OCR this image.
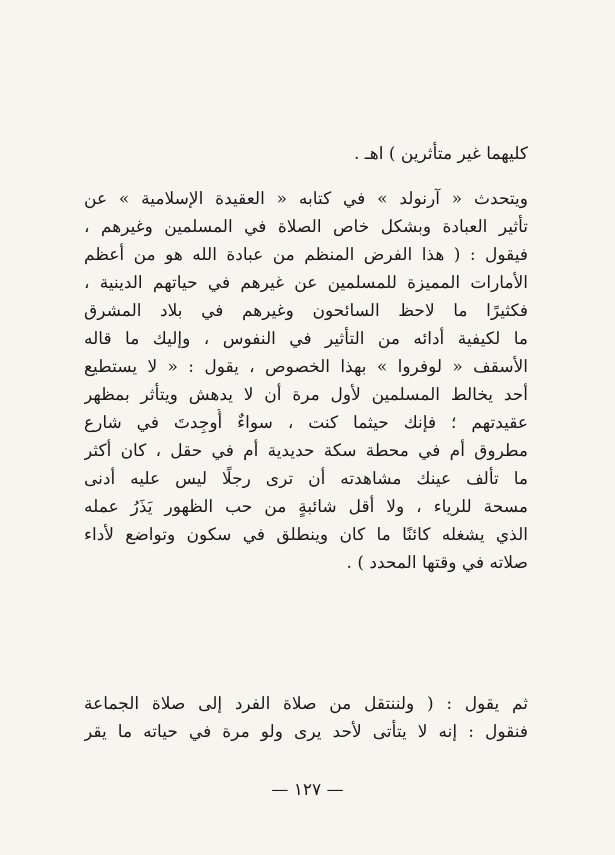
كليهما غير متأثرين ) اهـ .
ويتحدث « آرنولد » في كتابه « العقيدة الإسلامية » عن
تأثير العبادة وبشكل خاص الصلاة في المسلمين وغيرهم ،
فيقول : ( هذا الفرض المنظم من عبادة الله هو من أعظم
الأمارات المميزة للمسلمين عن غيرهم في حياتهم الدينية ،
فكثيرًا ما لاحظ السائحون وغيرهم في بلاد المشرق
ما لكيفية أدائه من التأثير في النفوس ، وإليك ما قاله
الأسقف « لوفروا » بهذا الخصوص ، يقول : « لا يستطيع
أحد يخالط المسلمين لأول مرة أن لا يدهش ويتأثر بمظهر
عقيدتهم ؛ فإنك حيثما كنت ، سواءٌ أُوجِدتَ في شارع
مطروق أم في محطة سكة حديدية أم في حقل ، كان أكثر
ما تألف عينك مشاهدته أن ترى رجلًا ليس عليه أدنى
مسحة للرياء ، ولا أقل شائبةٍ من حب الظهور يَذَرُ عمله
الذي يشغله كائنًا ما كان وينطلق في سكون وتواضع لأداء
صلاته في وقتها المحدد ) .
ثم يقول : ( ولننتقل من صلاة الفرد إلى صلاة الجماعة
فنقول : إنه لا يتأتى لأحد يرى ولو مرة في حياته ما يقر
— ١٢٧ —
